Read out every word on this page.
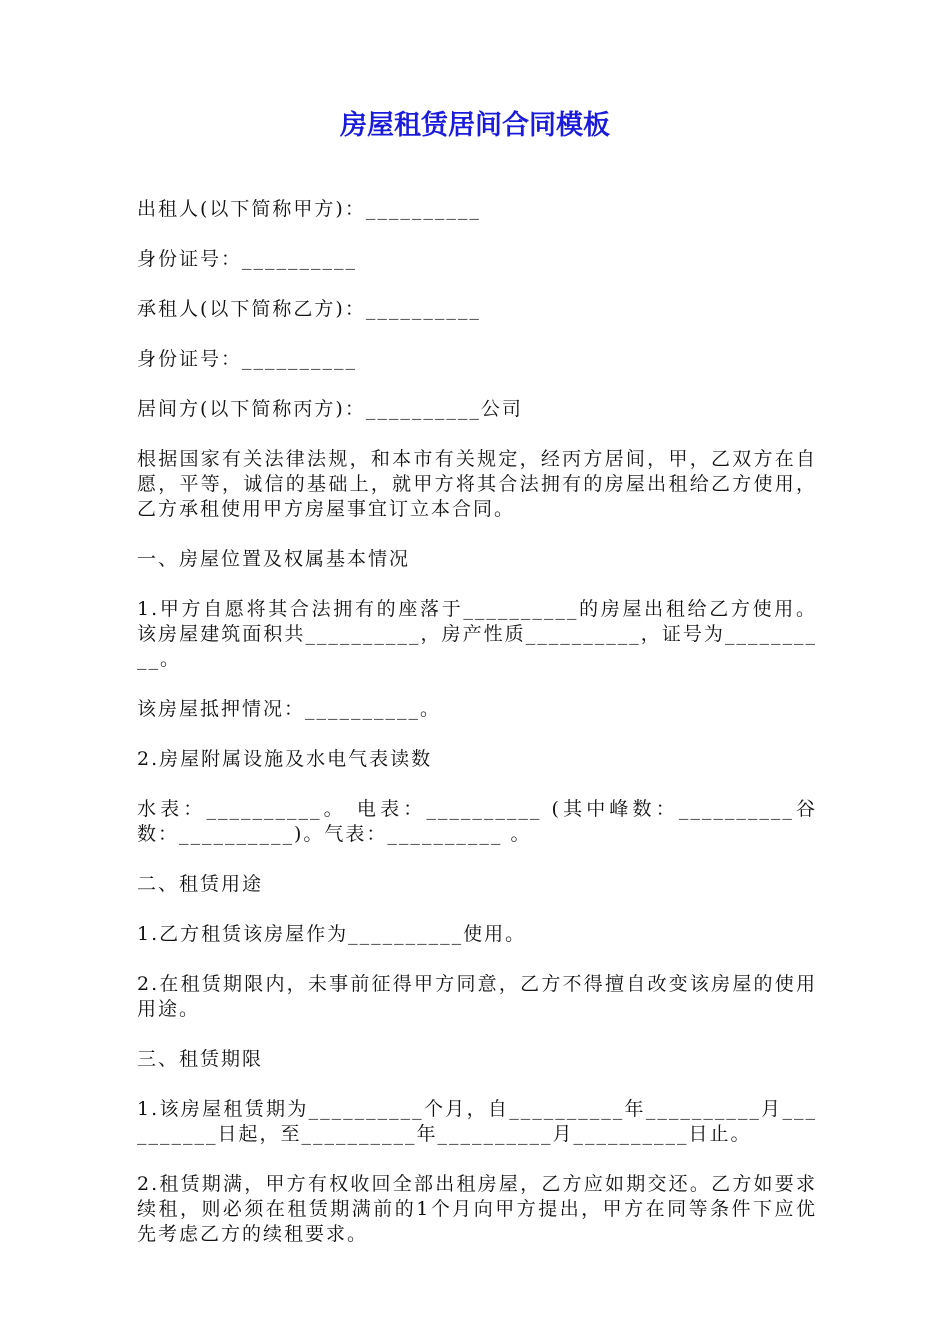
房屋租赁居间合同模板

出租人(以下简称甲方)：__________

身份证号：__________

承租人(以下简称乙方)：__________

身份证号：__________

居间方(以下简称丙方)：__________公司

根据国家有关法律法规，和本市有关规定，经丙方居间，甲，乙双方在自愿，平等，诚信的基础上，就甲方将其合法拥有的房屋出租给乙方使用，乙方承租使用甲方房屋事宜订立本合同。

一、房屋位置及权属基本情况

1.甲方自愿将其合法拥有的座落于__________的房屋出租给乙方使用。该房屋建筑面积共__________，房产性质__________，证号为__________。

该房屋抵押情况：__________。

2.房屋附属设施及水电气表读数

水表：__________。 电表：__________ (其中峰数：__________谷数：__________)。气表：__________ 。

二、租赁用途

1.乙方租赁该房屋作为__________使用。

2.在租赁期限内，未事前征得甲方同意，乙方不得擅自改变该房屋的使用用途。

三、租赁期限

1.该房屋租赁期为__________个月，自__________年__________月__________日起，至__________年__________月__________日止。

2.租赁期满，甲方有权收回全部出租房屋，乙方应如期交还。乙方如要求续租，则必须在租赁期满前的1个月向甲方提出，甲方在同等条件下应优先考虑乙方的续租要求。
